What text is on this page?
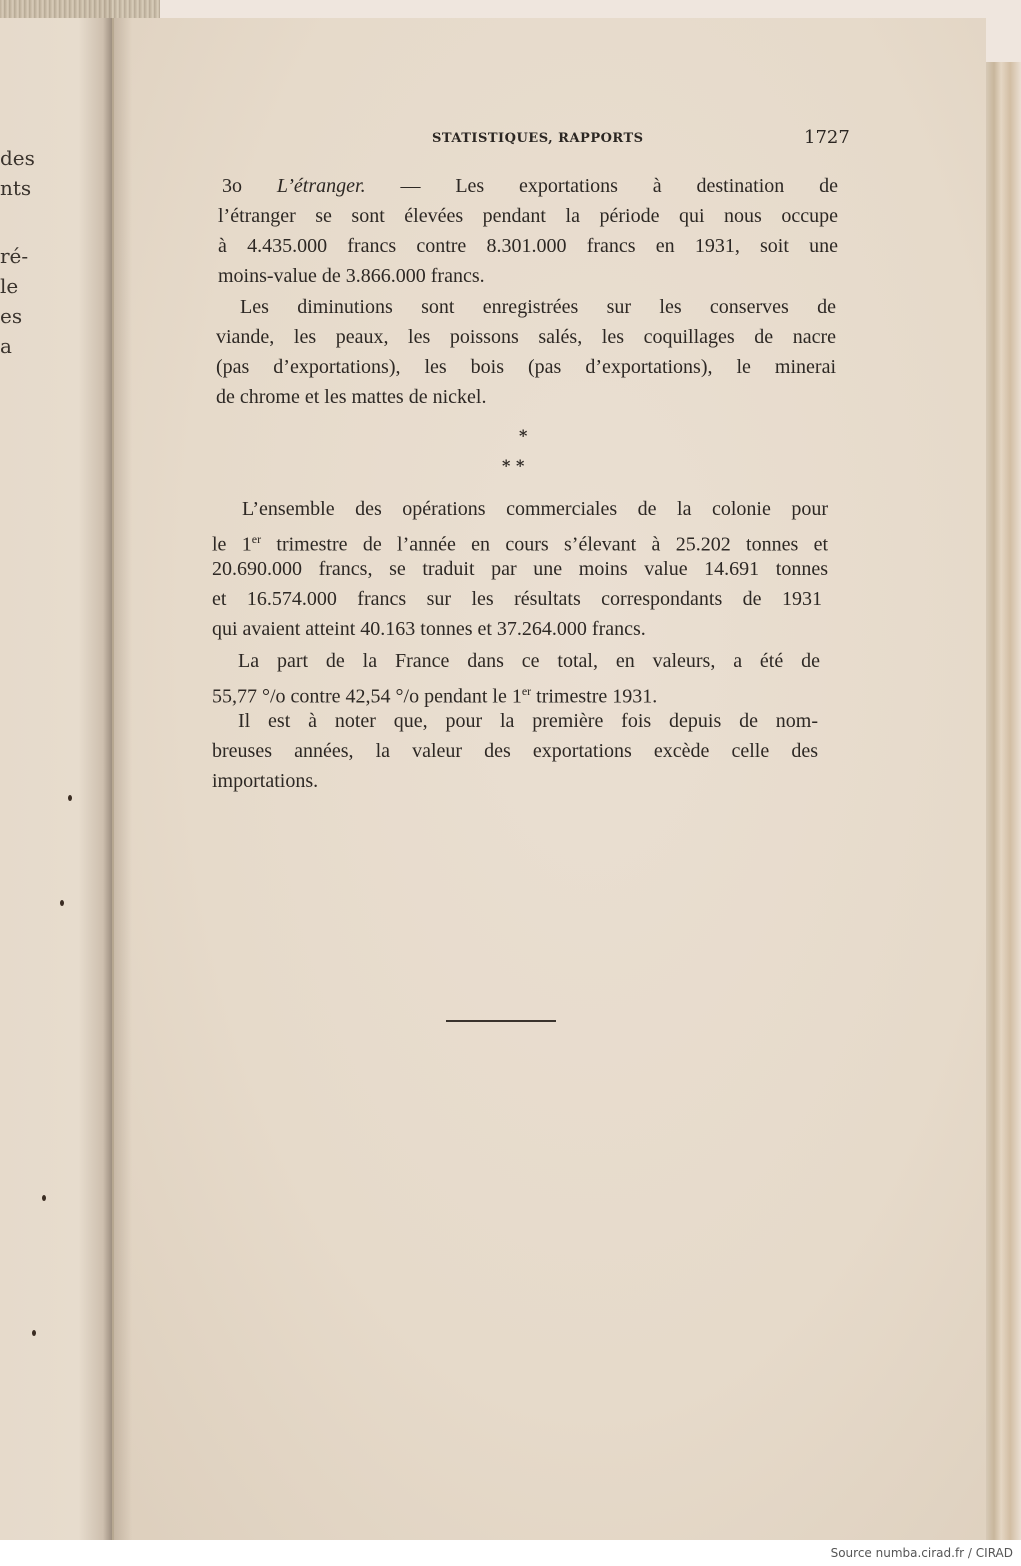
des
nts
ré-
le
es
a
STATISTIQUES, RAPPORTS	1727
3o L’étranger. — Les exportations à destination de
l’étranger se sont élevées pendant la période qui nous occupe
à 4.435.000 francs contre 8.301.000 francs en 1931, soit une
moins-value de 3.866.000 francs.
Les diminutions sont enregistrées sur les conserves de
viande, les peaux, les poissons salés, les coquillages de nacre
(pas d’exportations), les bois (pas d’exportations), le minerai
de chrome et les mattes de nickel.
*
* *
L’ensemble des opérations commerciales de la colonie pour
le 1er trimestre de l’année en cours s’élevant à 25.202 tonnes et
20.690.000 francs, se traduit par une moins value 14.691 tonnes
et 16.574.000 francs sur les résultats correspondants de 1931
qui avaient atteint 40.163 tonnes et 37.264.000 francs.
La part de la France dans ce total, en valeurs, a été de
55,77 °/o contre 42,54 °/o pendant le 1er trimestre 1931.
Il est à noter que, pour la première fois depuis de nom-
breuses années, la valeur des exportations excède celle des
importations.
Source numba.cirad.fr / CIRAD
